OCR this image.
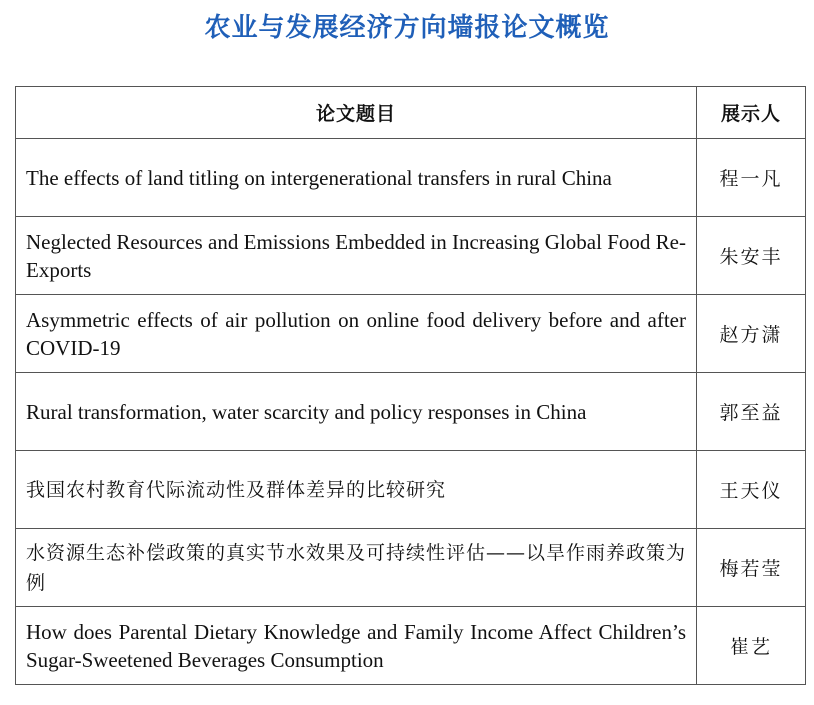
农业与发展经济方向墙报论文概览
论文题目	展示人
The effects of land titling on intergenerational transfers in rural China	程一凡
Neglected Resources and Emissions Embedded in Increasing Global Food Re-Exports	朱安丰
Asymmetric effects of air pollution on online food delivery before and after COVID-19	赵方潇
Rural transformation, water scarcity and policy responses in China	郭至益
我国农村教育代际流动性及群体差异的比较研究	王天仪
水资源生态补偿政策的真实节水效果及可持续性评估——以旱作雨养政策为例	梅若莹
How does Parental Dietary Knowledge and Family Income Affect Children’s Sugar-Sweetened Beverages Consumption	崔艺
